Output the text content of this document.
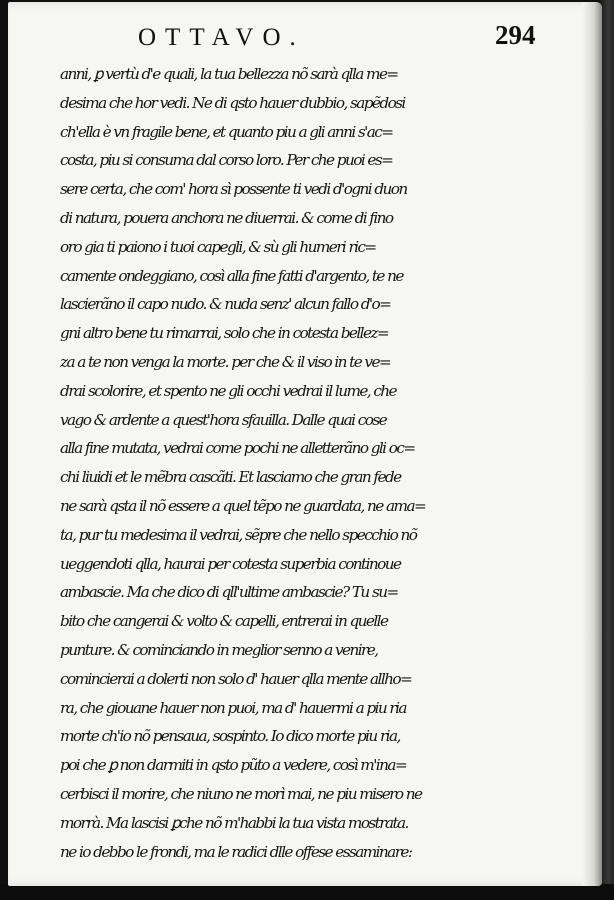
OTTAVO.	294
anni, ꝑ vertù d'e quali, la tua bellezza nõ sarà qlla me=
desima che hor vedi. Ne di qsto hauer dubbio, sapẽdosi
ch'ella è vn fragile bene, et quanto piu a gli anni s'ac=
costa, piu si consuma dal corso loro. Per che puoi es=
sere certa, che com' hora sì possente ti vedi d'ogni duon
di natura, pouera anchora ne diuerrai. & come di fino
oro gia ti paiono i tuoi capegli, & sù gli humeri ric=
camente ondeggiano, così alla fine fatti d'argento, te ne
lascierãno il capo nudo. & nuda senz' alcun fallo d'o=
gni altro bene tu rimarrai, solo che in cotesta bellez=
za a te non venga la morte. per che & il viso in te ve=
drai scolorire, et spento ne gli occhi vedrai il lume, che
vago & ardente a quest'hora sfauilla. Dalle quai cose
alla fine mutata, vedrai come pochi ne alletterãno gli oc=
chi liuidi et le mẽbra cascãti. Et lasciamo che gran fede
ne sarà qsta il nõ essere a quel tẽpo ne guardata, ne ama=
ta, pur tu medesima il vedrai, sẽpre che nello specchio nõ
ueggendoti qlla, haurai per cotesta superbia continoue
ambascie. Ma che dico di qll'ultime ambascie? Tu su=
bito che cangerai & volto & capelli, entrerai in quelle
punture. & cominciando in meglior senno a venire,
comincierai a dolerti non solo d' hauer qlla mente allho=
ra, che giouane hauer non puoi, ma d' hauermi a piu ria
morte ch'io nõ pensaua, sospinto. Io dico morte piu ria,
poi che ꝑ non darmiti in qsto pũto a vedere, così m'ina=
cerbisci il morire, che niuno ne morì mai, ne piu misero ne
morrà. Ma lascisi ꝑche nõ m'habbi la tua vista mostrata.
ne io debbo le frondi, ma le radici dlle offese essaminare:
